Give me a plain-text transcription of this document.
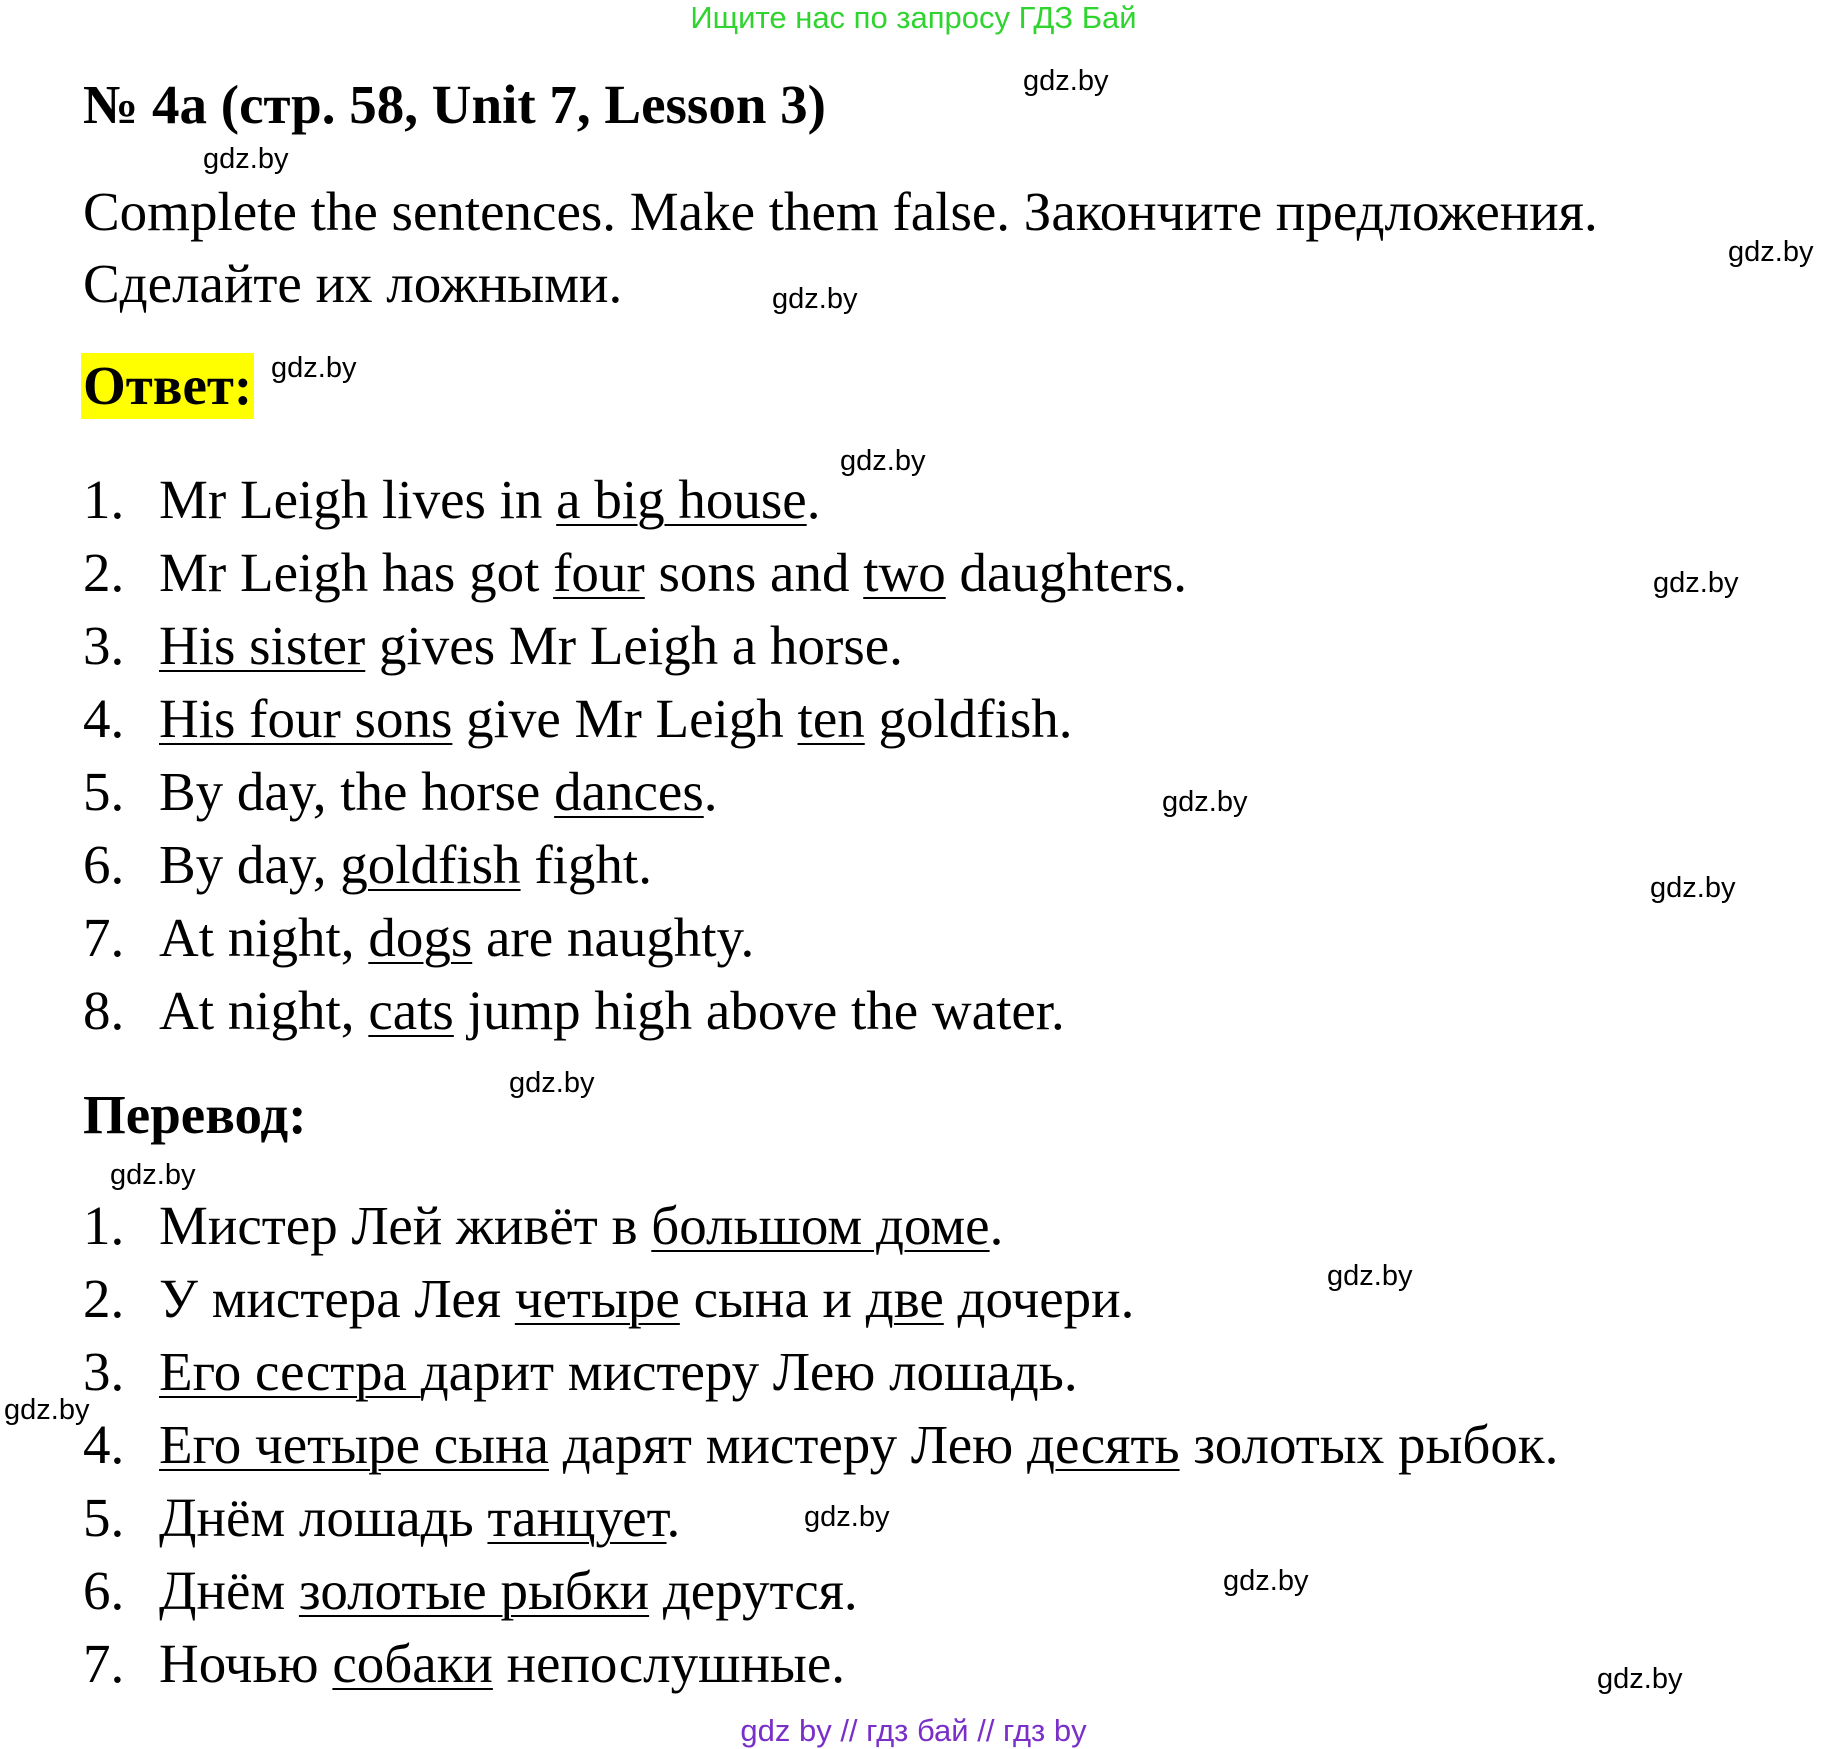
Ищите нас по запросу ГДЗ Бай
№ 4a (стр. 58, Unit 7, Lesson 3)
Complete the sentences. Make them false. Закончите предложения. Сделайте их ложными.
Ответ:
1. Mr Leigh lives in a big house.
2. Mr Leigh has got four sons and two daughters.
3. His sister gives Mr Leigh a horse.
4. His four sons give Mr Leigh ten goldfish.
5. By day, the horse dances.
6. By day, goldfish fight.
7. At night, dogs are naughty.
8. At night, cats jump high above the water.
Перевод:
1. Мистер Лей живёт в большом доме.
2. У мистера Лея четыре сына и две дочери.
3. Его сестра дарит мистеру Лею лошадь.
4. Его четыре сына дарят мистеру Лею десять золотых рыбок.
5. Днём лошадь танцует.
6. Днём золотые рыбки дерутся.
7. Ночью собаки непослушные.
gdz.by
gdz.by
gdz.by
gdz.by
gdz.by
gdz.by
gdz.by
gdz.by
gdz.by
gdz.by
gdz.by
gdz.by
gdz.by
gdz.by
gdz.by
gdz.by
gdz by // гдз бай // гдз by
